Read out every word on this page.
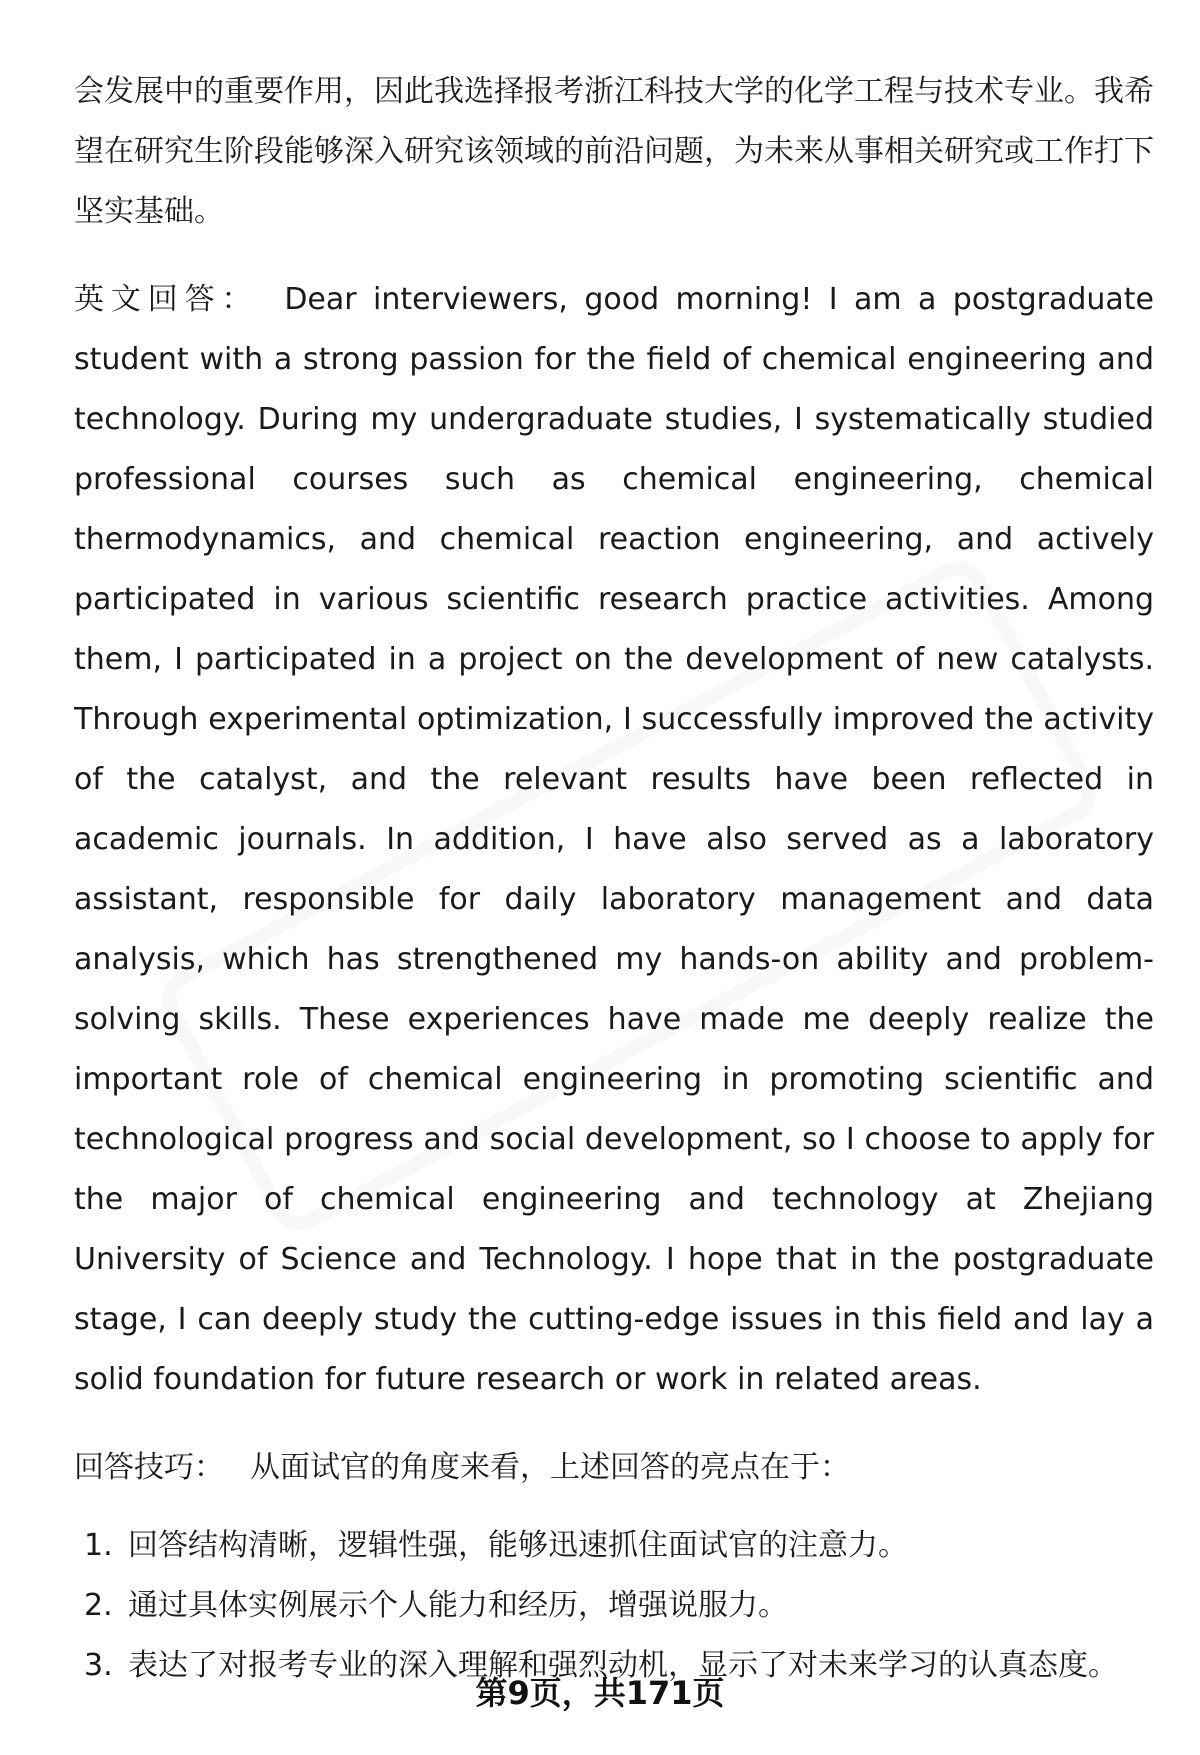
会发展中的重要作用，因此我选择报考浙江科技大学的化学工程与技术专业。我希望在研究生阶段能够深入研究该领域的前沿问题，为未来从事相关研究或工作打下坚实基础。

英文回答： Dear interviewers, good morning! I am a postgraduate student with a strong passion for the field of chemical engineering and technology. During my undergraduate studies, I systematically studied professional courses such as chemical engineering, chemical thermodynamics, and chemical reaction engineering, and actively participated in various scientific research practice activities. Among them, I participated in a project on the development of new catalysts. Through experimental optimization, I successfully improved the activity of the catalyst, and the relevant results have been reflected in academic journals. In addition, I have also served as a laboratory assistant, responsible for daily laboratory management and data analysis, which has strengthened my hands-on ability and problem-solving skills. These experiences have made me deeply realize the important role of chemical engineering in promoting scientific and technological progress and social development, so I choose to apply for the major of chemical engineering and technology at Zhejiang University of Science and Technology. I hope that in the postgraduate stage, I can deeply study the cutting-edge issues in this field and lay a solid foundation for future research or work in related areas.

回答技巧： 从面试官的角度来看，上述回答的亮点在于：

1. 回答结构清晰，逻辑性强，能够迅速抓住面试官的注意力。
2. 通过具体实例展示个人能力和经历，增强说服力。
3. 表达了对报考专业的深入理解和强烈动机，显示了对未来学习的认真态度。
第9页，共171页
